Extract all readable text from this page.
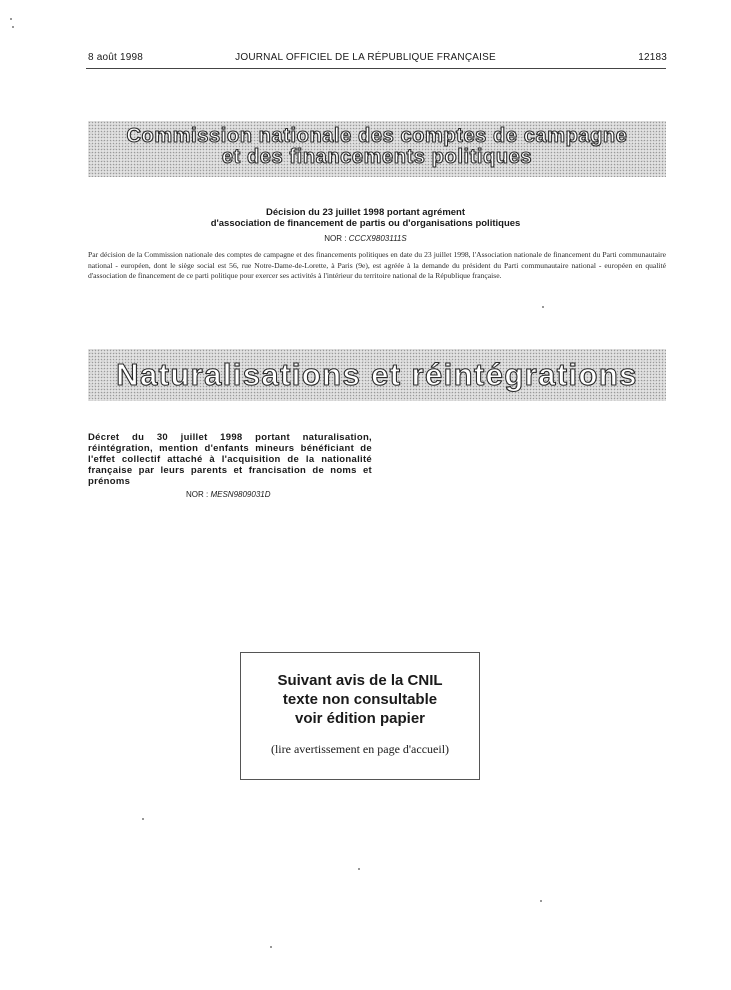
8 août 1998	JOURNAL OFFICIEL DE LA RÉPUBLIQUE FRANÇAISE	12183
Commission nationale des comptes de campagne
et des financements politiques
Décision du 23 juillet 1998 portant agrément
d'association de financement de partis ou d'organisations politiques
NOR : CCCX9803111S
Par décision de la Commission nationale des comptes de campagne et des financements politiques en date du 23 juillet 1998, l'Association nationale de financement du Parti communautaire national - européen, dont le siège social est 56, rue Notre-Dame-de-Lorette, à Paris (9e), est agréée à la demande du président du Parti communautaire national - européen en qualité d'association de financement de ce parti politique pour exercer ses activités à l'intérieur du territoire national de la République française.
Naturalisations et réintégrations
Décret du 30 juillet 1998 portant naturalisation, réintégration, mention d'enfants mineurs bénéficiant de l'effet collectif attaché à l'acquisition de la nationalité française par leurs parents et francisation de noms et prénoms
NOR : MESN9809031D
Suivant avis de la CNIL
texte non consultable
voir édition papier
(lire avertissement en page d'accueil)
